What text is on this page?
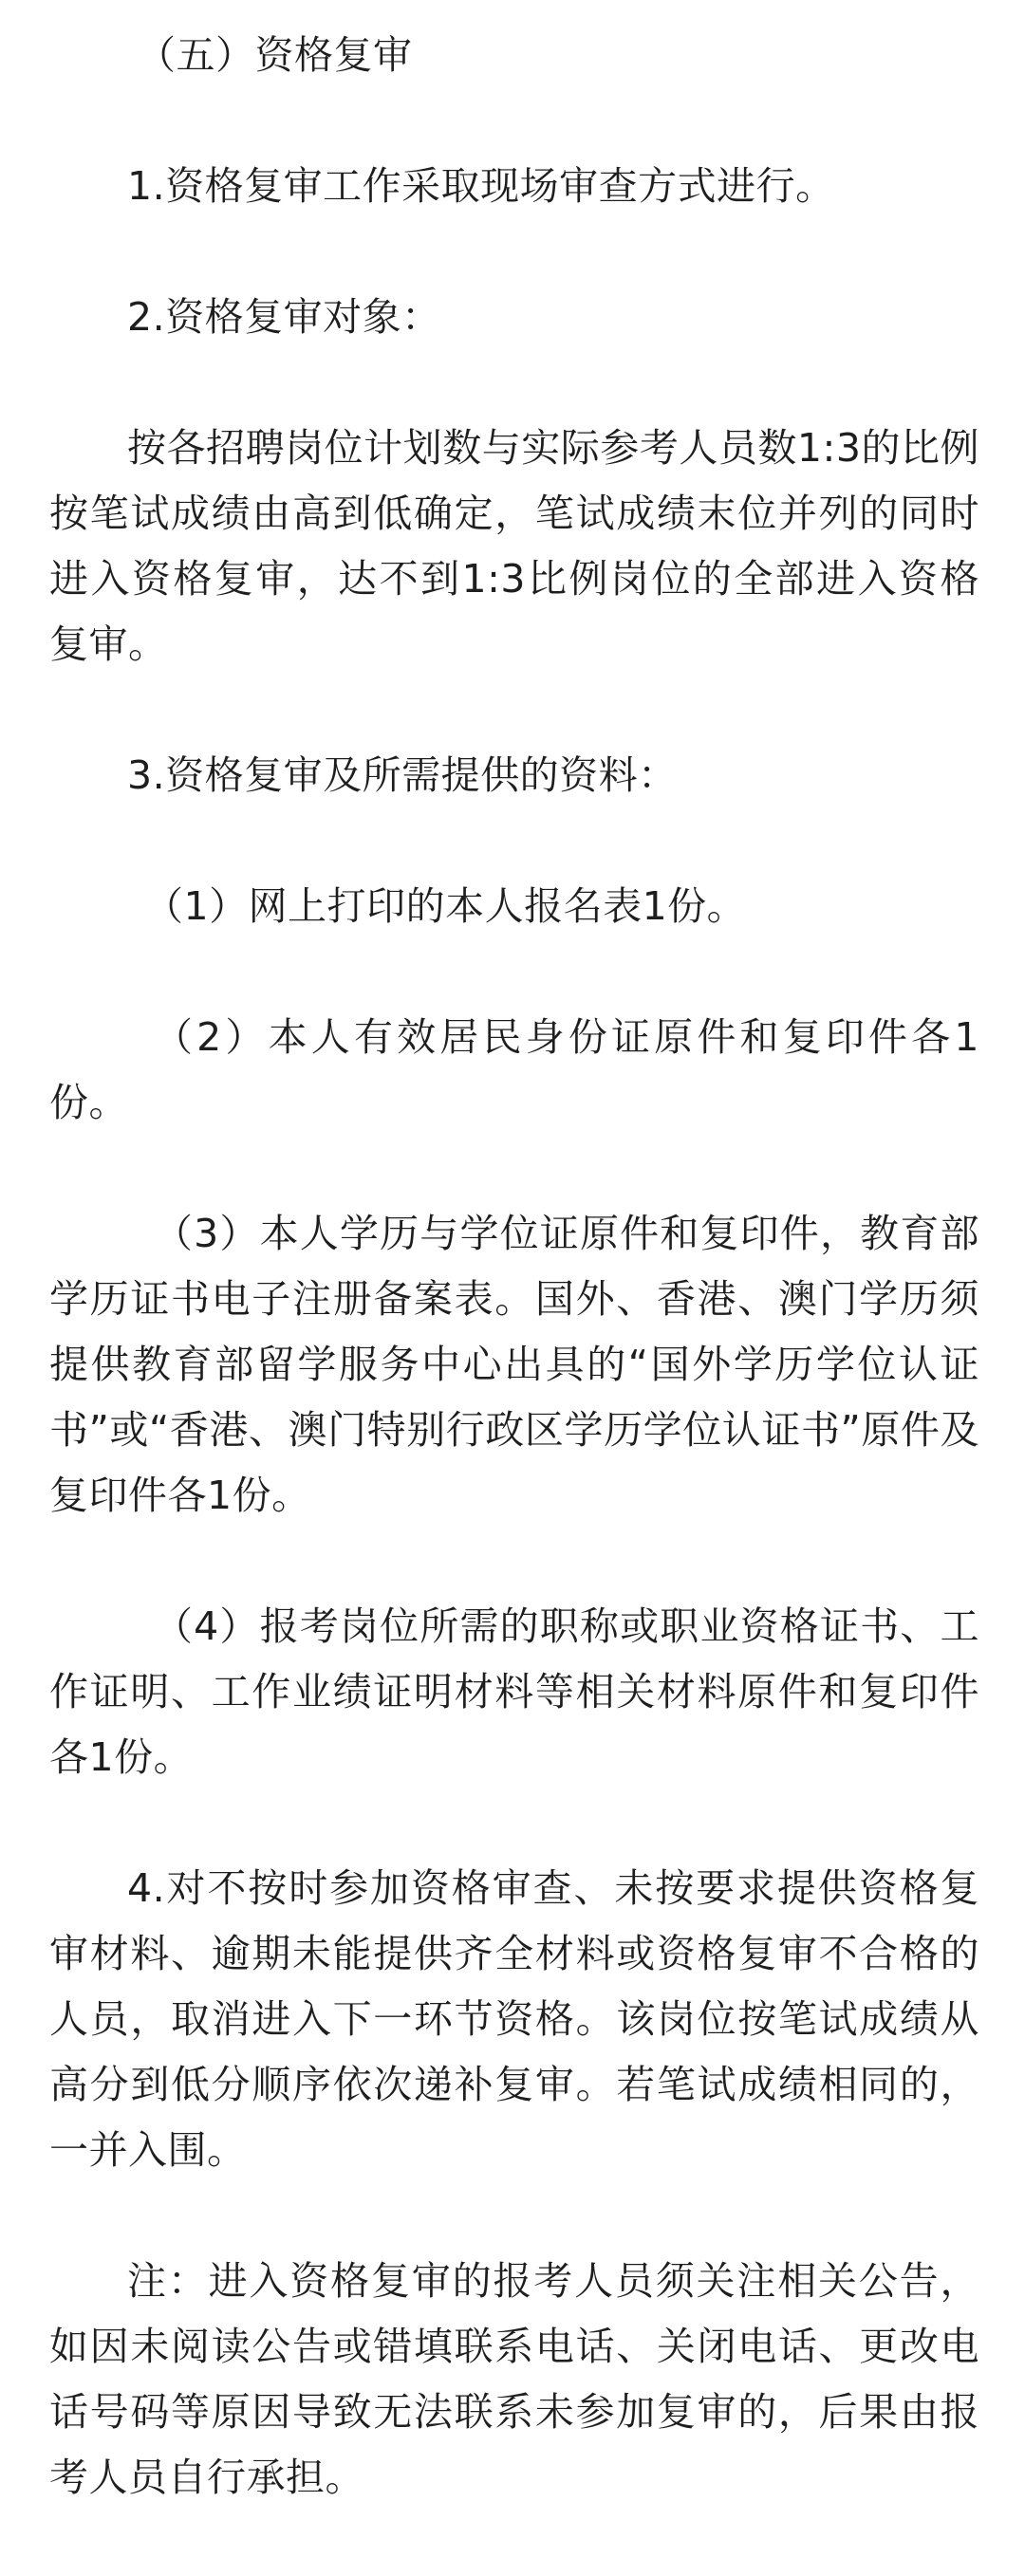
（五）资格复审

1.资格复审工作采取现场审查方式进行。

2.资格复审对象：

按各招聘岗位计划数与实际参考人员数1:3的比例按笔试成绩由高到低确定，笔试成绩末位并列的同时进入资格复审，达不到1:3比例岗位的全部进入资格复审。

3.资格复审及所需提供的资料：

（1）网上打印的本人报名表1份。

（2）本人有效居民身份证原件和复印件各1份。

（3）本人学历与学位证原件和复印件，教育部学历证书电子注册备案表。国外、香港、澳门学历须提供教育部留学服务中心出具的“国外学历学位认证书”或“香港、澳门特别行政区学历学位认证书”原件及复印件各1份。

（4）报考岗位所需的职称或职业资格证书、工作证明、工作业绩证明材料等相关材料原件和复印件各1份。

4.对不按时参加资格审查、未按要求提供资格复审材料、逾期未能提供齐全材料或资格复审不合格的人员，取消进入下一环节资格。该岗位按笔试成绩从高分到低分顺序依次递补复审。若笔试成绩相同的，一并入围。

注：进入资格复审的报考人员须关注相关公告，如因未阅读公告或错填联系电话、关闭电话、更改电话号码等原因导致无法联系未参加复审的，后果由报考人员自行承担。
